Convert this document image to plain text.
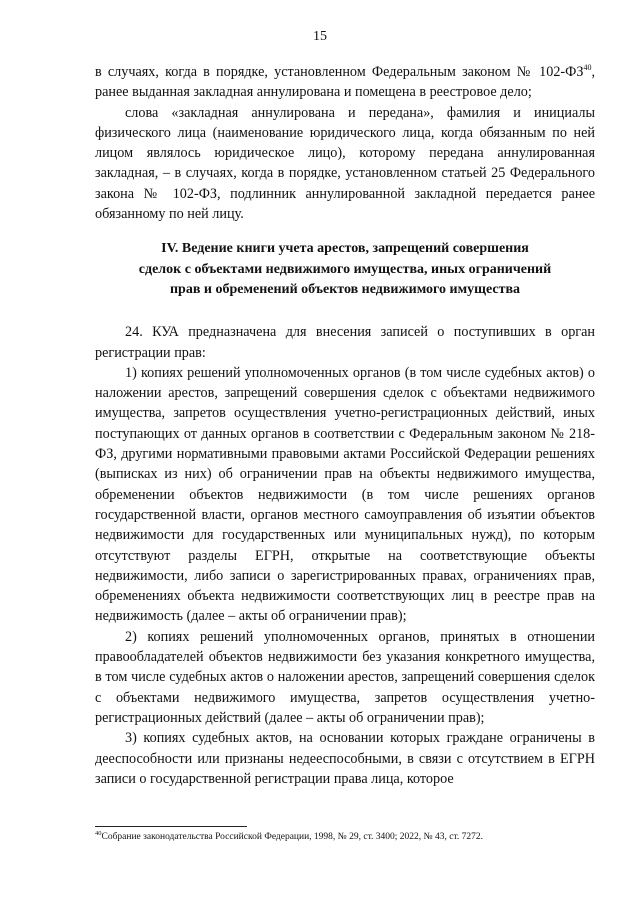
15

в случаях, когда в порядке, установленном Федеральным законом № 102-ФЗ$^{40}$, ранее выданная закладная аннулирована и помещена в реестровое дело;

слова «закладная аннулирована и передана», фамилия и инициалы физического лица (наименование юридического лица, когда обязанным по ней лицом являлось юридическое лицо), которому передана аннулированная закладная, – в случаях, когда в порядке, установленном статьей 25 Федерального закона № 102-ФЗ, подлинник аннулированной закладной передается ранее обязанному по ней лицу.

IV. Ведение книги учета арестов, запрещений совершения
сделок с объектами недвижимого имущества, иных ограничений
прав и обременений объектов недвижимого имущества

24. КУА предназначена для внесения записей о поступивших в орган регистрации прав:

1) копиях решений уполномоченных органов (в том числе судебных актов) о наложении арестов, запрещений совершения сделок с объектами недвижимого имущества, запретов осуществления учетно-регистрационных действий, иных поступающих от данных органов в соответствии с Федеральным законом № 218-ФЗ, другими нормативными правовыми актами Российской Федерации решениях (выписках из них) об ограничении прав на объекты недвижимого имущества, обременении объектов недвижимости (в том числе решениях органов государственной власти, органов местного самоуправления об изъятии объектов недвижимости для государственных или муниципальных нужд), по которым отсутствуют разделы ЕГРН, открытые на соответствующие объекты недвижимости, либо записи о зарегистрированных правах, ограничениях прав, обременениях объекта недвижимости соответствующих лиц в реестре прав на недвижимость (далее – акты об ограничении прав);

2) копиях решений уполномоченных органов, принятых в отношении правообладателей объектов недвижимости без указания конкретного имущества, в том числе судебных актов о наложении арестов, запрещений совершения сделок с объектами недвижимого имущества, запретов осуществления учетно-регистрационных действий (далее – акты об ограничении прав);

3) копиях судебных актов, на основании которых граждане ограничены в дееспособности или признаны недееспособными, в связи с отсутствием в ЕГРН записи о государственной регистрации права лица, которое

$^{40}$Собрание законодательства Российской Федерации, 1998, № 29, ст. 3400; 2022, № 43, ст. 7272.
